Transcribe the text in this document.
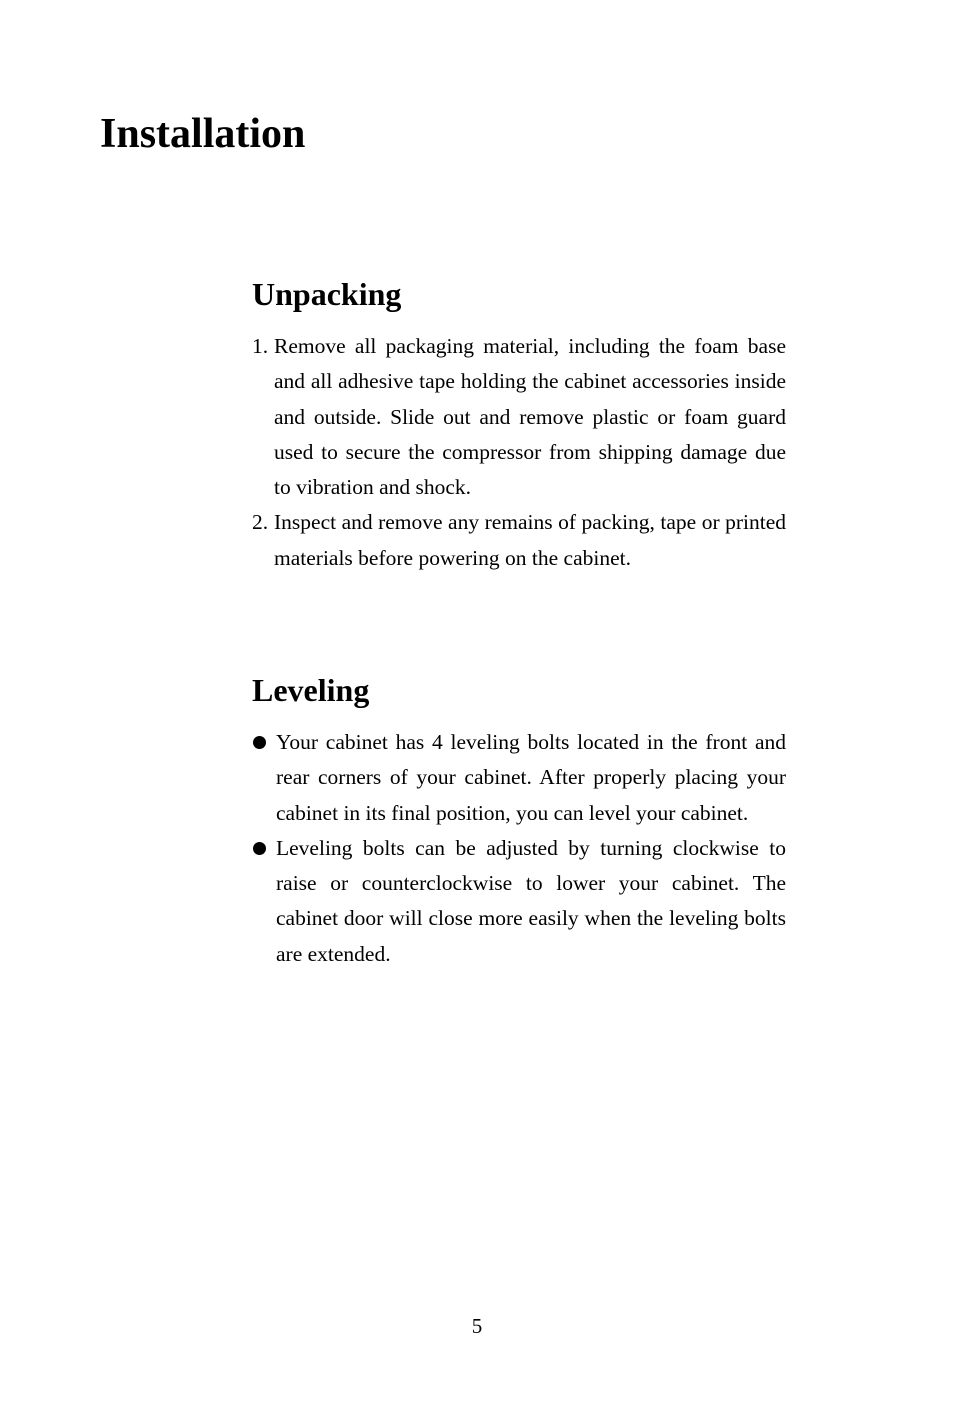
Installation
Unpacking
1. Remove all packaging material, including the foam base and all adhesive tape holding the cabinet accessories inside and outside. Slide out and remove plastic or foam guard used to secure the compressor from shipping damage due to vibration and shock.
2. Inspect and remove any remains of packing, tape or printed materials before powering on the cabinet.
Leveling
Your cabinet has 4 leveling bolts located in the front and rear corners of your cabinet. After properly placing your cabinet in its final position, you can level your cabinet.
Leveling bolts can be adjusted by turning clockwise to raise or counterclockwise to lower your cabinet. The cabinet door will close more easily when the leveling bolts are extended.
5
